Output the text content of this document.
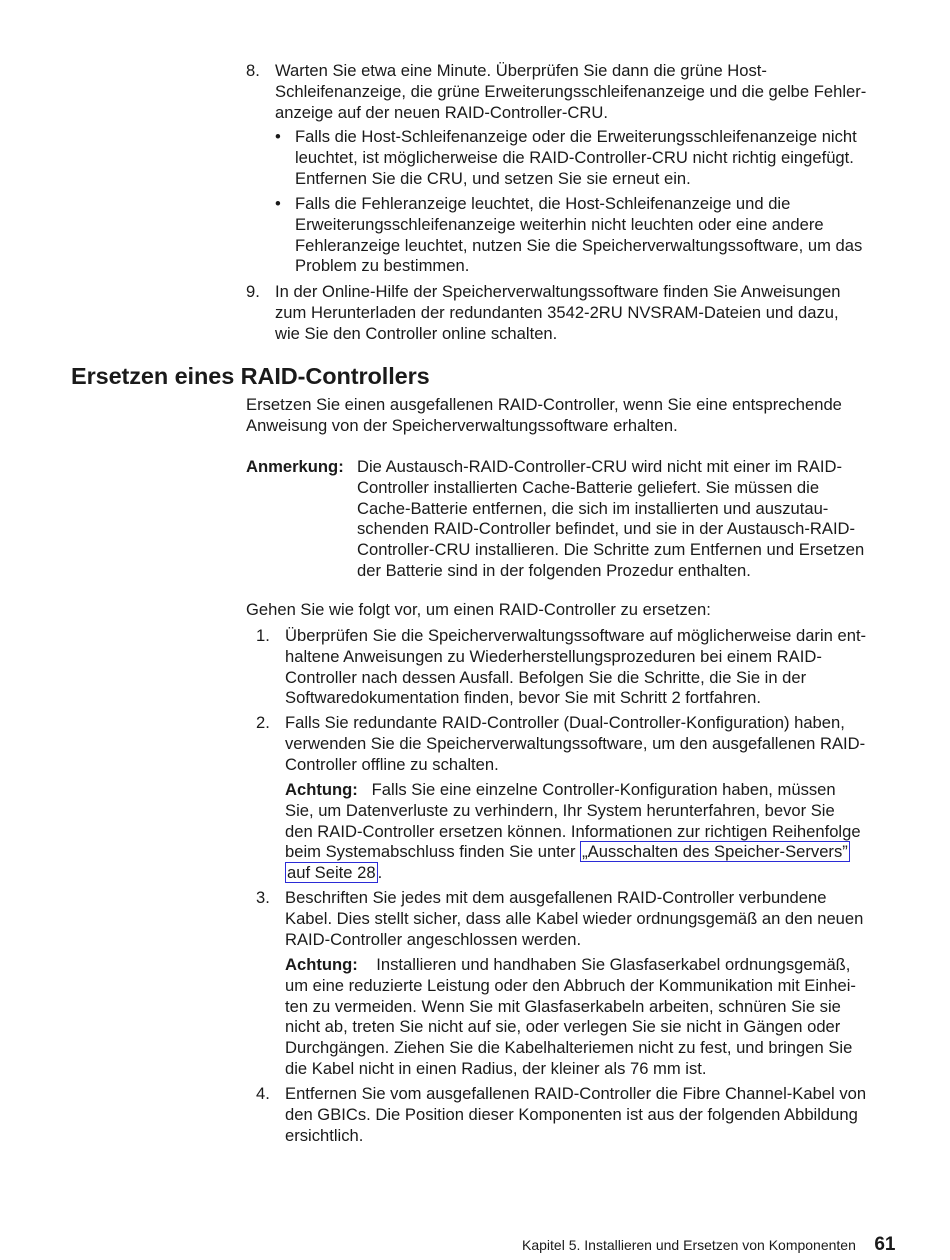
8. Warten Sie etwa eine Minute. Überprüfen Sie dann die grüne Host-
Schleifenanzeige, die grüne Erweiterungsschleifenanzeige und die gelbe Fehler-
anzeige auf der neuen RAID-Controller-CRU.
• Falls die Host-Schleifenanzeige oder die Erweiterungsschleifenanzeige nicht
leuchtet, ist möglicherweise die RAID-Controller-CRU nicht richtig eingefügt.
Entfernen Sie die CRU, und setzen Sie sie erneut ein.
• Falls die Fehleranzeige leuchtet, die Host-Schleifenanzeige und die
Erweiterungsschleifenanzeige weiterhin nicht leuchten oder eine andere
Fehleranzeige leuchtet, nutzen Sie die Speicherverwaltungssoftware, um das
Problem zu bestimmen.
9. In der Online-Hilfe der Speicherverwaltungssoftware finden Sie Anweisungen
zum Herunterladen der redundanten 3542-2RU NVSRAM-Dateien und dazu,
wie Sie den Controller online schalten.
Ersetzen eines RAID-Controllers
Ersetzen Sie einen ausgefallenen RAID-Controller, wenn Sie eine entsprechende
Anweisung von der Speicherverwaltungssoftware erhalten.
Anmerkung: Die Austausch-RAID-Controller-CRU wird nicht mit einer im RAID-
Controller installierten Cache-Batterie geliefert. Sie müssen die
Cache-Batterie entfernen, die sich im installierten und auszutau-
schenden RAID-Controller befindet, und sie in der Austausch-RAID-
Controller-CRU installieren. Die Schritte zum Entfernen und Ersetzen
der Batterie sind in der folgenden Prozedur enthalten.
Gehen Sie wie folgt vor, um einen RAID-Controller zu ersetzen:
1. Überprüfen Sie die Speicherverwaltungssoftware auf möglicherweise darin ent-
haltene Anweisungen zu Wiederherstellungsprozeduren bei einem RAID-
Controller nach dessen Ausfall. Befolgen Sie die Schritte, die Sie in der
Softwaredokumentation finden, bevor Sie mit Schritt 2 fortfahren.
2. Falls Sie redundante RAID-Controller (Dual-Controller-Konfiguration) haben,
verwenden Sie die Speicherverwaltungssoftware, um den ausgefallenen RAID-
Controller offline zu schalten.
Achtung: Falls Sie eine einzelne Controller-Konfiguration haben, müssen
Sie, um Datenverluste zu verhindern, Ihr System herunterfahren, bevor Sie
den RAID-Controller ersetzen können. Informationen zur richtigen Reihenfolge
beim Systemabschluss finden Sie unter „Ausschalten des Speicher-Servers”
auf Seite 28 .
3. Beschriften Sie jedes mit dem ausgefallenen RAID-Controller verbundene
Kabel. Dies stellt sicher, dass alle Kabel wieder ordnungsgemäß an den neuen
RAID-Controller angeschlossen werden.
Achtung: Installieren und handhaben Sie Glasfaserkabel ordnungsgemäß,
um eine reduzierte Leistung oder den Abbruch der Kommunikation mit Einhei-
ten zu vermeiden. Wenn Sie mit Glasfaserkabeln arbeiten, schnüren Sie sie
nicht ab, treten Sie nicht auf sie, oder verlegen Sie sie nicht in Gängen oder
Durchgängen. Ziehen Sie die Kabelhalteriemen nicht zu fest, und bringen Sie
die Kabel nicht in einen Radius, der kleiner als 76 mm ist.
4. Entfernen Sie vom ausgefallenen RAID-Controller die Fibre Channel-Kabel von
den GBICs. Die Position dieser Komponenten ist aus der folgenden Abbildung
ersichtlich.
Kapitel 5. Installieren und Ersetzen von Komponenten 61
